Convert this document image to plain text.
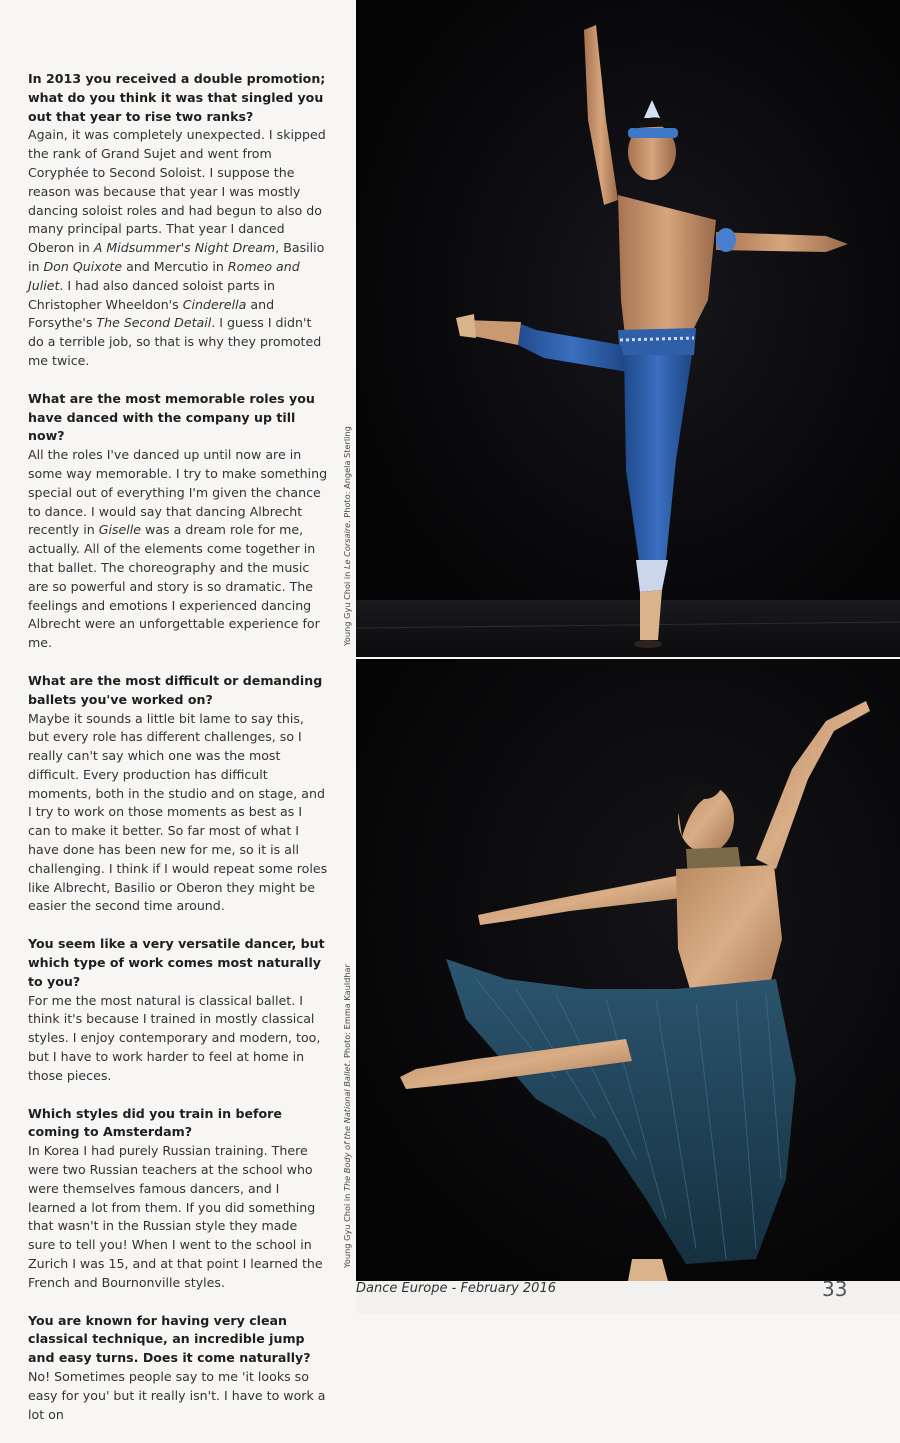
In 2013 you received a double promotion; what do you think it was that singled you out that year to rise two ranks?
Again, it was completely unexpected. I skipped the rank of Grand Sujet and went from Coryphée to Second Soloist. I suppose the reason was because that year I was mostly dancing soloist roles and had begun to also do many principal parts. That year I danced Oberon in A Midsummer's Night Dream, Basilio in Don Quixote and Mercutio in Romeo and Juliet. I had also danced soloist parts in Christopher Wheeldon's Cinderella and Forsythe's The Second Detail. I guess I didn't do a terrible job, so that is why they promoted me twice.
What are the most memorable roles you have danced with the company up till now?
All the roles I've danced up until now are in some way memorable. I try to make something special out of everything I'm given the chance to dance. I would say that dancing Albrecht recently in Giselle was a dream role for me, actually. All of the elements come together in that ballet. The choreography and the music are so powerful and story is so dramatic. The feelings and emotions I experienced dancing Albrecht were an unforgettable experience for me.
What are the most difficult or demanding ballets you've worked on?
Maybe it sounds a little bit lame to say this, but every role has different challenges, so I really can't say which one was the most difficult. Every production has difficult moments, both in the studio and on stage, and I try to work on those moments as best as I can to make it better. So far most of what I have done has been new for me, so it is all challenging. I think if I would repeat some roles like Albrecht, Basilio or Oberon they might be easier the second time around.
You seem like a very versatile dancer, but which type of work comes most naturally to you?
For me the most natural is classical ballet. I think it's because I trained in mostly classical styles. I enjoy contemporary and modern, too, but I have to work harder to feel at home in those pieces.
Which styles did you train in before coming to Amsterdam?
In Korea I had purely Russian training. There were two Russian teachers at the school who were themselves famous dancers, and I learned a lot from them. If you did something that wasn't in the Russian style they made sure to tell you! When I went to the school in Zurich I was 15, and at that point I learned the French and Bournonville styles.
You are known for having very clean classical technique, an incredible jump and easy turns. Does it come naturally?
No! Sometimes people say to me 'it looks so easy for you' but it really isn't. I have to work a lot on
Young Gyu Choi in Le Corsaire. Photo: Angela Sterling
Young Gyu Choi in The Body of the National Ballet. Photo: Emma Kauldhar
Dance Europe - February 2016	33
